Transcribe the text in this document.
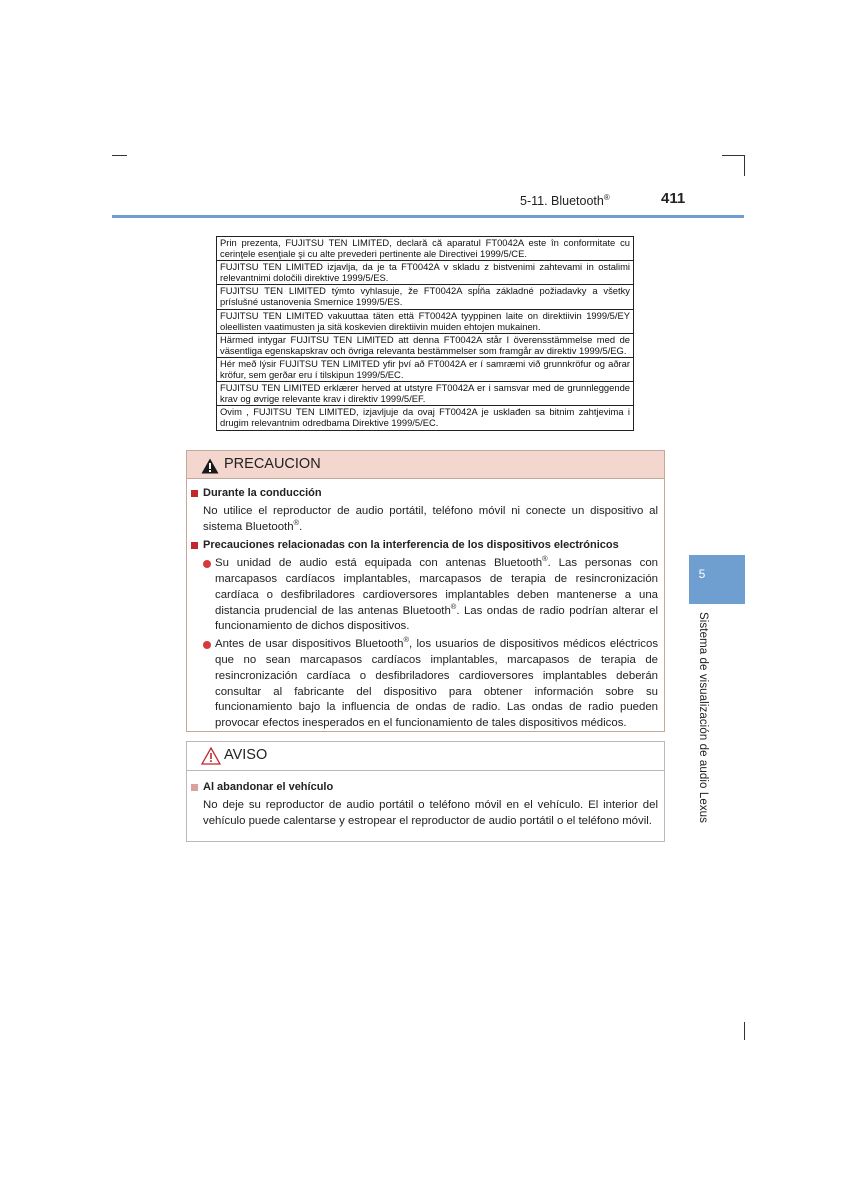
5-11. Bluetooth®	411
Prin prezenta, FUJITSU TEN LIMITED, declară că aparatul FT0042A este în conformitate cu cerinţele esenţiale şi cu alte prevederi pertinente ale Directivei 1999/5/CE.
FUJITSU TEN LIMITED izjavlja, da je ta FT0042A v skladu z bistvenimi zahtevami in ostalimi relevantnimi določili direktive 1999/5/ES.
FUJITSU TEN LIMITED týmto vyhlasuje, že FT0042A spĺňa základné požiadavky a všetky príslušné ustanovenia Smernice 1999/5/ES.
FUJITSU TEN LIMITED vakuuttaa täten että FT0042A tyyppinen laite on direktiivin 1999/5/EY oleellisten vaatimusten ja sitä koskevien direktiivin muiden ehtojen mukainen.
Härmed intygar FUJITSU TEN LIMITED att denna FT0042A står I överensstämmelse med de väsentliga egenskapskrav och övriga relevanta bestämmelser som framgår av direktiv 1999/5/EG.
Hér með lýsir FUJITSU TEN LIMITED yfir því að FT0042A er í samræmi við grunnkröfur og aðrar kröfur, sem gerðar eru í tilskipun 1999/5/EC.
FUJITSU TEN LIMITED erklærer herved at utstyre FT0042A er i samsvar med de grunnleggende krav og øvrige relevante krav i direktiv 1999/5/EF.
Ovim , FUJITSU TEN LIMITED, izjavljuje da ovaj FT0042A je usklađen sa bitnim zahtjevima i drugim relevantnim odredbama Direktive 1999/5/EC.
PRECAUCION
Durante la conducción
No utilice el reproductor de audio portátil, teléfono móvil ni conecte un dispositivo al sistema Bluetooth®.
Precauciones relacionadas con la interferencia de los dispositivos electrónicos
Su unidad de audio está equipada con antenas Bluetooth®. Las personas con marcapasos cardíacos implantables, marcapasos de terapia de resincronización cardíaca o desfibriladores cardioversores implantables deben mantenerse a una distancia prudencial de las antenas Bluetooth®. Las ondas de radio podrían alterar el funcionamiento de dichos dispositivos.
Antes de usar dispositivos Bluetooth®, los usuarios de dispositivos médicos eléctricos que no sean marcapasos cardíacos implantables, marcapasos de terapia de resincronización cardíaca o desfibriladores cardioversores implantables deberán consultar al fabricante del dispositivo para obtener información sobre su funcionamiento bajo la influencia de ondas de radio. Las ondas de radio pueden provocar efectos inesperados en el funcionamiento de tales dispositivos médicos.
AVISO
Al abandonar el vehículo
No deje su reproductor de audio portátil o teléfono móvil en el vehículo. El interior del vehículo puede calentarse y estropear el reproductor de audio portátil o el teléfono móvil.
5
Sistema de visualización de audio Lexus
